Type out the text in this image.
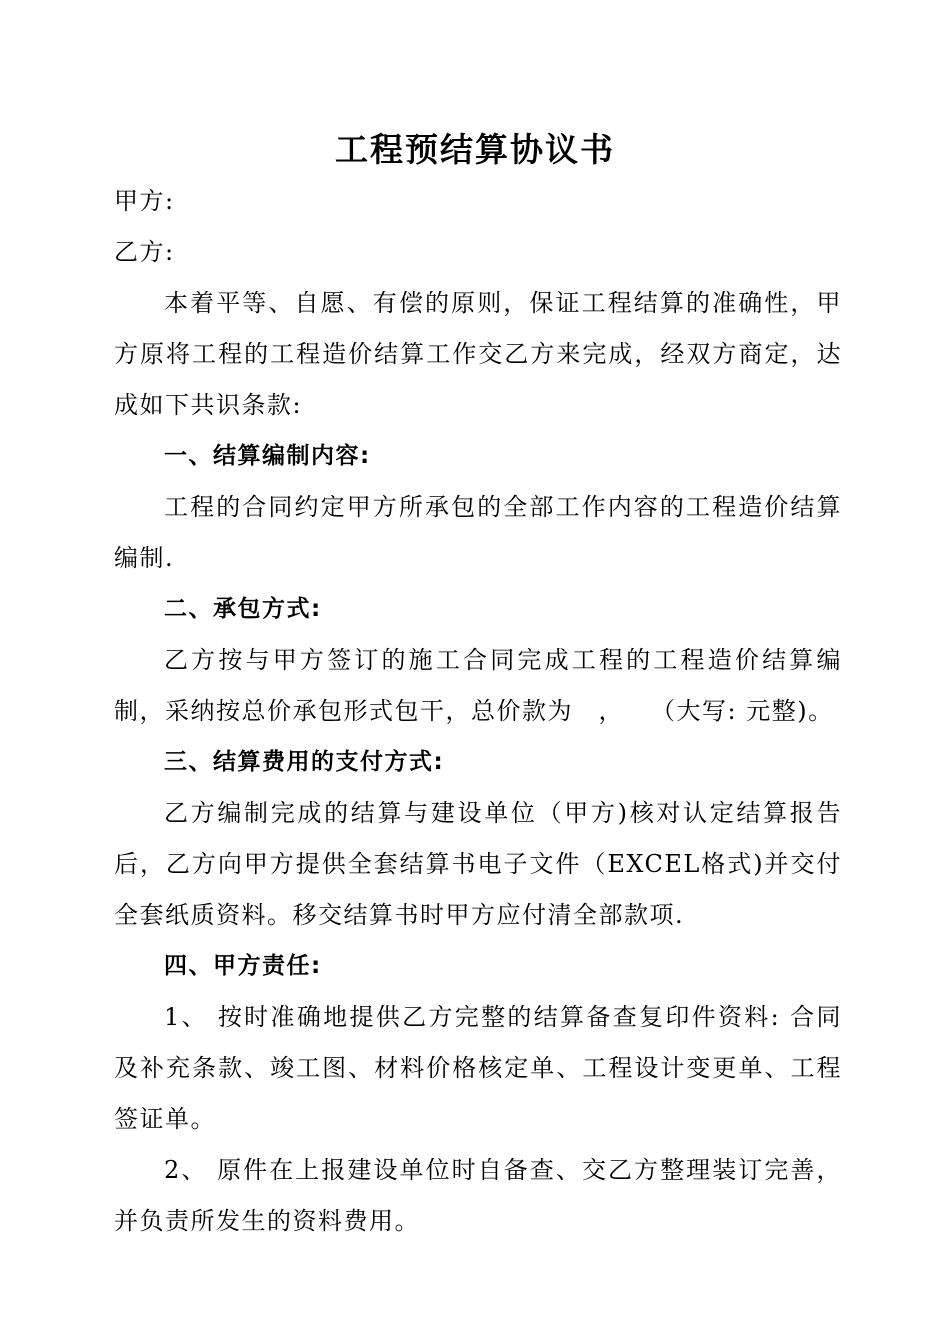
工程预结算协议书

甲方:

乙方:

本着平等、自愿、有偿的原则，保证工程结算的准确性，甲方原将工程的工程造价结算工作交乙方来完成，经双方商定，达成如下共识条款:

一、结算编制内容:

工程的合同约定甲方所承包的全部工作内容的工程造价结算编制.

二、承包方式:

乙方按与甲方签订的施工合同完成工程的工程造价结算编制，采纳按总价承包形式包干，总价款为　，　　（大写: 元整)。

三、结算费用的支付方式:

乙方编制完成的结算与建设单位（甲方)核对认定结算报告后，乙方向甲方提供全套结算书电子文件（EXCEL格式)并交付全套纸质资料。移交结算书时甲方应付清全部款项.

四、甲方责任:

1、 按时准确地提供乙方完整的结算备查复印件资料: 合同及补充条款、竣工图、材料价格核定单、工程设计变更单、工程签证单。

2、 原件在上报建设单位时自备查、交乙方整理装订完善，并负责所发生的资料费用。
